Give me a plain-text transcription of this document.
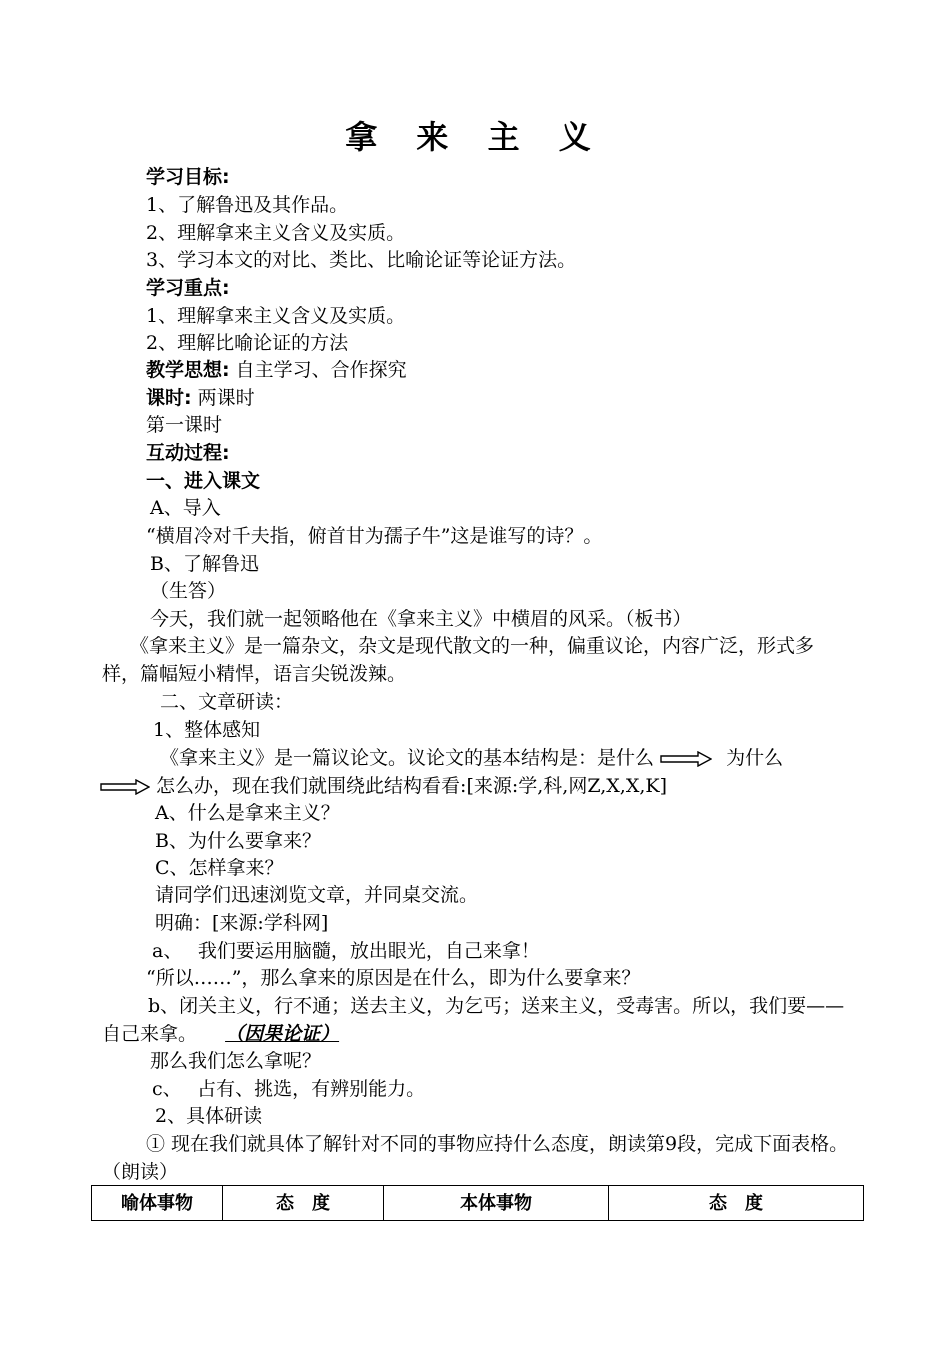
拿 来 主 义
学习目标:
1、了解鲁迅及其作品。
2、理解拿来主义含义及实质。
3、学习本文的对比、类比、比喻论证等论证方法。
学习重点:
1、理解拿来主义含义及实质。
2、理解比喻论证的方法
教学思想: 自主学习、合作探究
课时: 两课时
第一课时
互动过程:
一、进入课文
A、导入
“横眉冷对千夫指，俯首甘为孺子牛”这是谁写的诗？。
B、了解鲁迅
（生答）
今天，我们就一起领略他在《拿来主义》中横眉的风采。（板书）
《拿来主义》是一篇杂文，杂文是现代散文的一种，偏重议论，内容广泛，形式多样，篇幅短小精悍，语言尖锐泼辣。
二、文章研读：
1、整体感知
《拿来主义》是一篇议论文。议论文的基本结构是：是什么	为什么
怎么办，现在我们就围绕此结构看看:[来源:学,科,网Z,X,X,K]
A、什么是拿来主义？
B、为什么要拿来？
C、怎样拿来？
请同学们迅速浏览文章，并同桌交流。
明确：[来源:学科网]
a、　 我们要运用脑髓，放出眼光，自己来拿！
“所以……”，那么拿来的原因是在什么，即为什么要拿来？
b、闭关主义，行不通；送去主义，为乞丐；送来主义，受毒害。所以，我们要——自己来拿。 （因果论证）
那么我们怎么拿呢？
c、　 占有、挑选，有辨别能力。
2、具体研读
① 现在我们就具体了解针对不同的事物应持什么态度，朗读第9段，完成下面表格。（朗读）
喻体事物	态　度	本体事物	态　度
